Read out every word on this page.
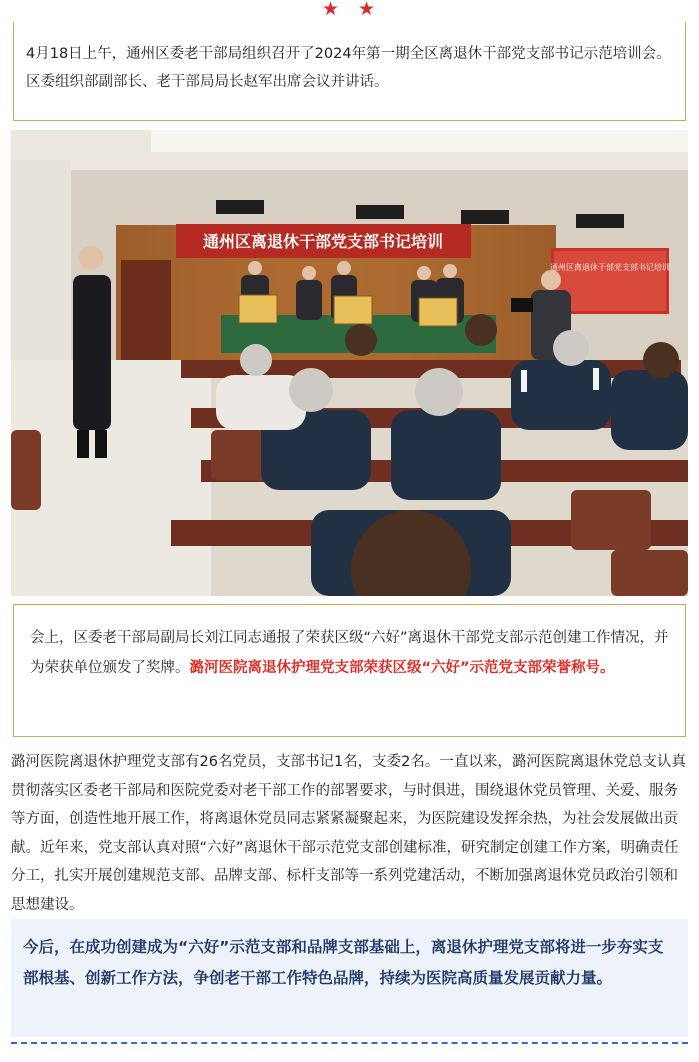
★ ★

4月18日上午，通州区委老干部局组织召开了2024年第一期全区离退休干部党支部书记示范培训会。区委组织部副部长、老干部局局长赵军出席会议并讲话。

通州区离退休干部党支部书记培训
通州区离退休干部党支部书记培训

会上，区委老干部局副局长刘江同志通报了荣获区级“六好”离退休干部党支部示范创建工作情况，并为荣获单位颁发了奖牌。潞河医院离退休护理党支部荣获区级“六好”示范党支部荣誉称号。

潞河医院离退休护理党支部有26名党员，支部书记1名，支委2名。一直以来，潞河医院离退休党总支认真贯彻落实区委老干部局和医院党委对老干部工作的部署要求，与时俱进，围绕退休党员管理、关爱、服务等方面，创造性地开展工作，将离退休党员同志紧紧凝聚起来，为医院建设发挥余热，为社会发展做出贡献。近年来，党支部认真对照“六好”离退休干部示范党支部创建标准，研究制定创建工作方案，明确责任分工，扎实开展创建规范支部、品牌支部、标杆支部等一系列党建活动，不断加强离退休党员政治引领和思想建设。

今后，在成功创建成为“六好”示范支部和品牌支部基础上，离退休护理党支部将进一步夯实支部根基、创新工作方法，争创老干部工作特色品牌，持续为医院高质量发展贡献力量。
